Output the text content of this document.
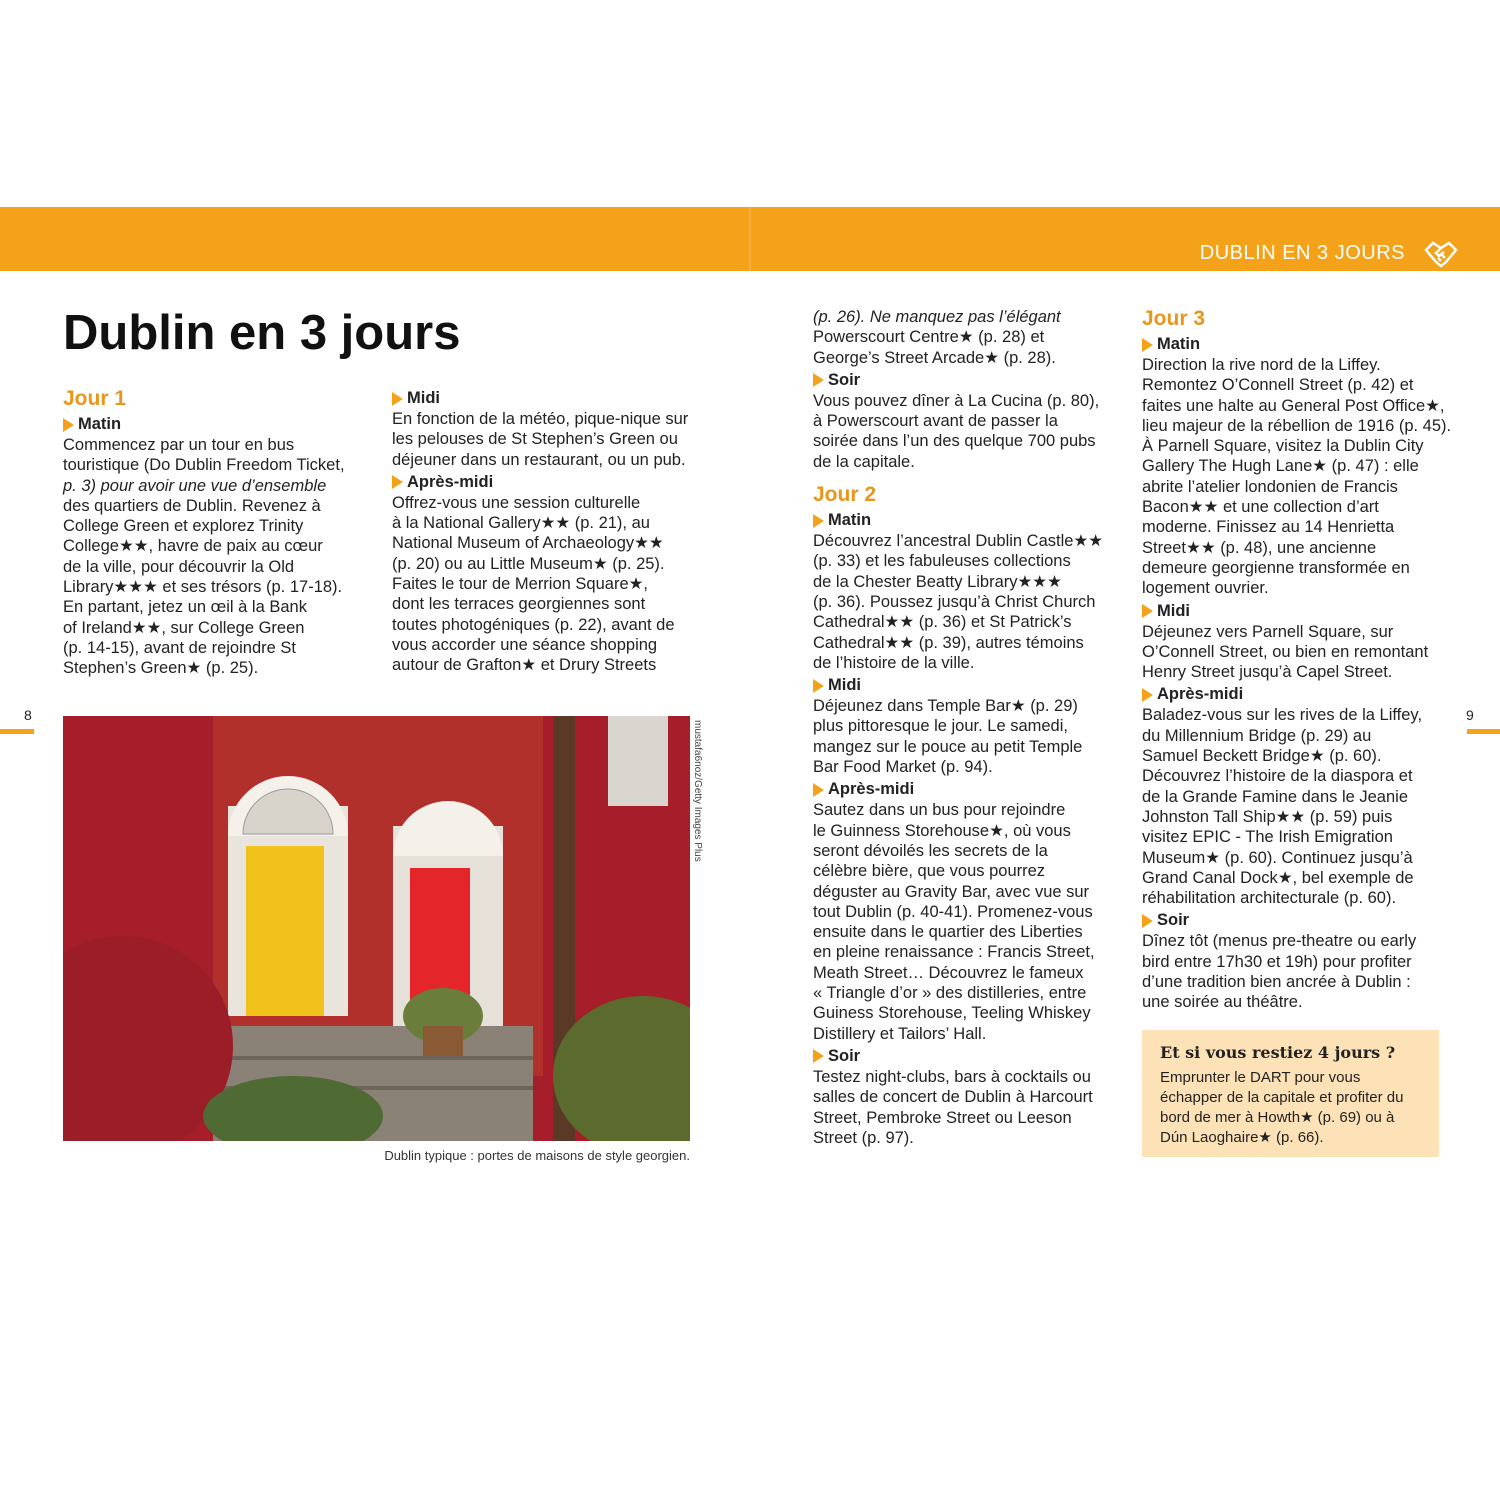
DUBLIN EN 3 JOURS
Dublin en 3 jours
Jour 1
Matin

Commencez par un tour en bus

touristique (Do Dublin Freedom Ticket,

p. 3) pour avoir une vue d’ensemble

des quartiers de Dublin. Revenez à

College Green et explorez Trinity

College★★, havre de paix au cœur

de la ville, pour découvrir la Old

Library★★★ et ses trésors (p. 17-18).

En partant, jetez un œil à la Bank

of Ireland★★, sur College Green

(p. 14-15), avant de rejoindre St

Stephen’s Green★ (p. 25).

Midi

En fonction de la météo, pique-nique sur

les pelouses de St Stephen’s Green ou

déjeuner dans un restaurant, ou un pub.

Après-midi

Offrez-vous une session culturelle

à la National Gallery★★ (p. 21), au

National Museum of Archaeology★★

(p. 20) ou au Little Museum★ (p. 25).

Faites le tour de Merrion Square★,

dont les terraces georgiennes sont

toutes photogéniques (p. 22), avant de

vous accorder une séance shopping

autour de Grafton★ et Drury Streets

8
mustafa6noz/Getty Images Plus
Dublin typique : portes de maisons de style georgien.

(p. 26). Ne manquez pas l’élégant

Powerscourt Centre★ (p. 28) et

George’s Street Arcade★ (p. 28).

Soir

Vous pouvez dîner à La Cucina (p. 80),

à Powerscourt avant de passer la

soirée dans l’un des quelque 700 pubs

de la capitale.

Jour 2
Matin

Découvrez l’ancestral Dublin Castle★★

(p. 33) et les fabuleuses collections

de la Chester Beatty Library★★★

(p. 36). Poussez jusqu’à Christ Church

Cathedral★★ (p. 36) et St Patrick’s

Cathedral★★ (p. 39), autres témoins

de l’histoire de la ville.

Midi

Déjeunez dans Temple Bar★ (p. 29)

plus pittoresque le jour. Le samedi,

mangez sur le pouce au petit Temple

Bar Food Market (p. 94).

Après-midi

Sautez dans un bus pour rejoindre

le Guinness Storehouse★, où vous

seront dévoilés les secrets de la

célèbre bière, que vous pourrez

déguster au Gravity Bar, avec vue sur

tout Dublin (p. 40-41). Promenez-vous

ensuite dans le quartier des Liberties

en pleine renaissance : Francis Street,

Meath Street… Découvrez le fameux

« Triangle d’or » des distilleries, entre

Guiness Storehouse, Teeling Whiskey

Distillery et Tailors’ Hall.

Soir

Testez night-clubs, bars à cocktails ou

salles de concert de Dublin à Harcourt

Street, Pembroke Street ou Leeson

Street (p. 97).

Jour 3
Matin

Direction la rive nord de la Liffey.

Remontez O’Connell Street (p. 42) et

faites une halte au General Post Office★,

lieu majeur de la rébellion de 1916 (p. 45).

À Parnell Square, visitez la Dublin City

Gallery The Hugh Lane★ (p. 47) : elle

abrite l’atelier londonien de Francis

Bacon★★ et une collection d’art

moderne. Finissez au 14 Henrietta

Street★★ (p. 48), une ancienne

demeure georgienne transformée en

logement ouvrier.

Midi

Déjeunez vers Parnell Square, sur

O’Connell Street, ou bien en remontant

Henry Street jusqu’à Capel Street.

Après-midi

Baladez-vous sur les rives de la Liffey,

du Millennium Bridge (p. 29) au

Samuel Beckett Bridge★ (p. 60).

Découvrez l’histoire de la diaspora et

de la Grande Famine dans le Jeanie

Johnston Tall Ship★★ (p. 59) puis

visitez EPIC - The Irish Emigration

Museum★ (p. 60). Continuez jusqu’à

Grand Canal Dock★, bel exemple de

réhabilitation architecturale (p. 60).

Soir

Dînez tôt (menus pre-theatre ou early

bird entre 17h30 et 19h) pour profiter

d’une tradition bien ancrée à Dublin :

une soirée au théâtre.

9
Et si vous restiez 4 jours ?
Emprunter le DART pour vous
échapper de la capitale et profiter du
bord de mer à Howth★ (p. 69) ou à
Dún Laoghaire★ (p. 66).
